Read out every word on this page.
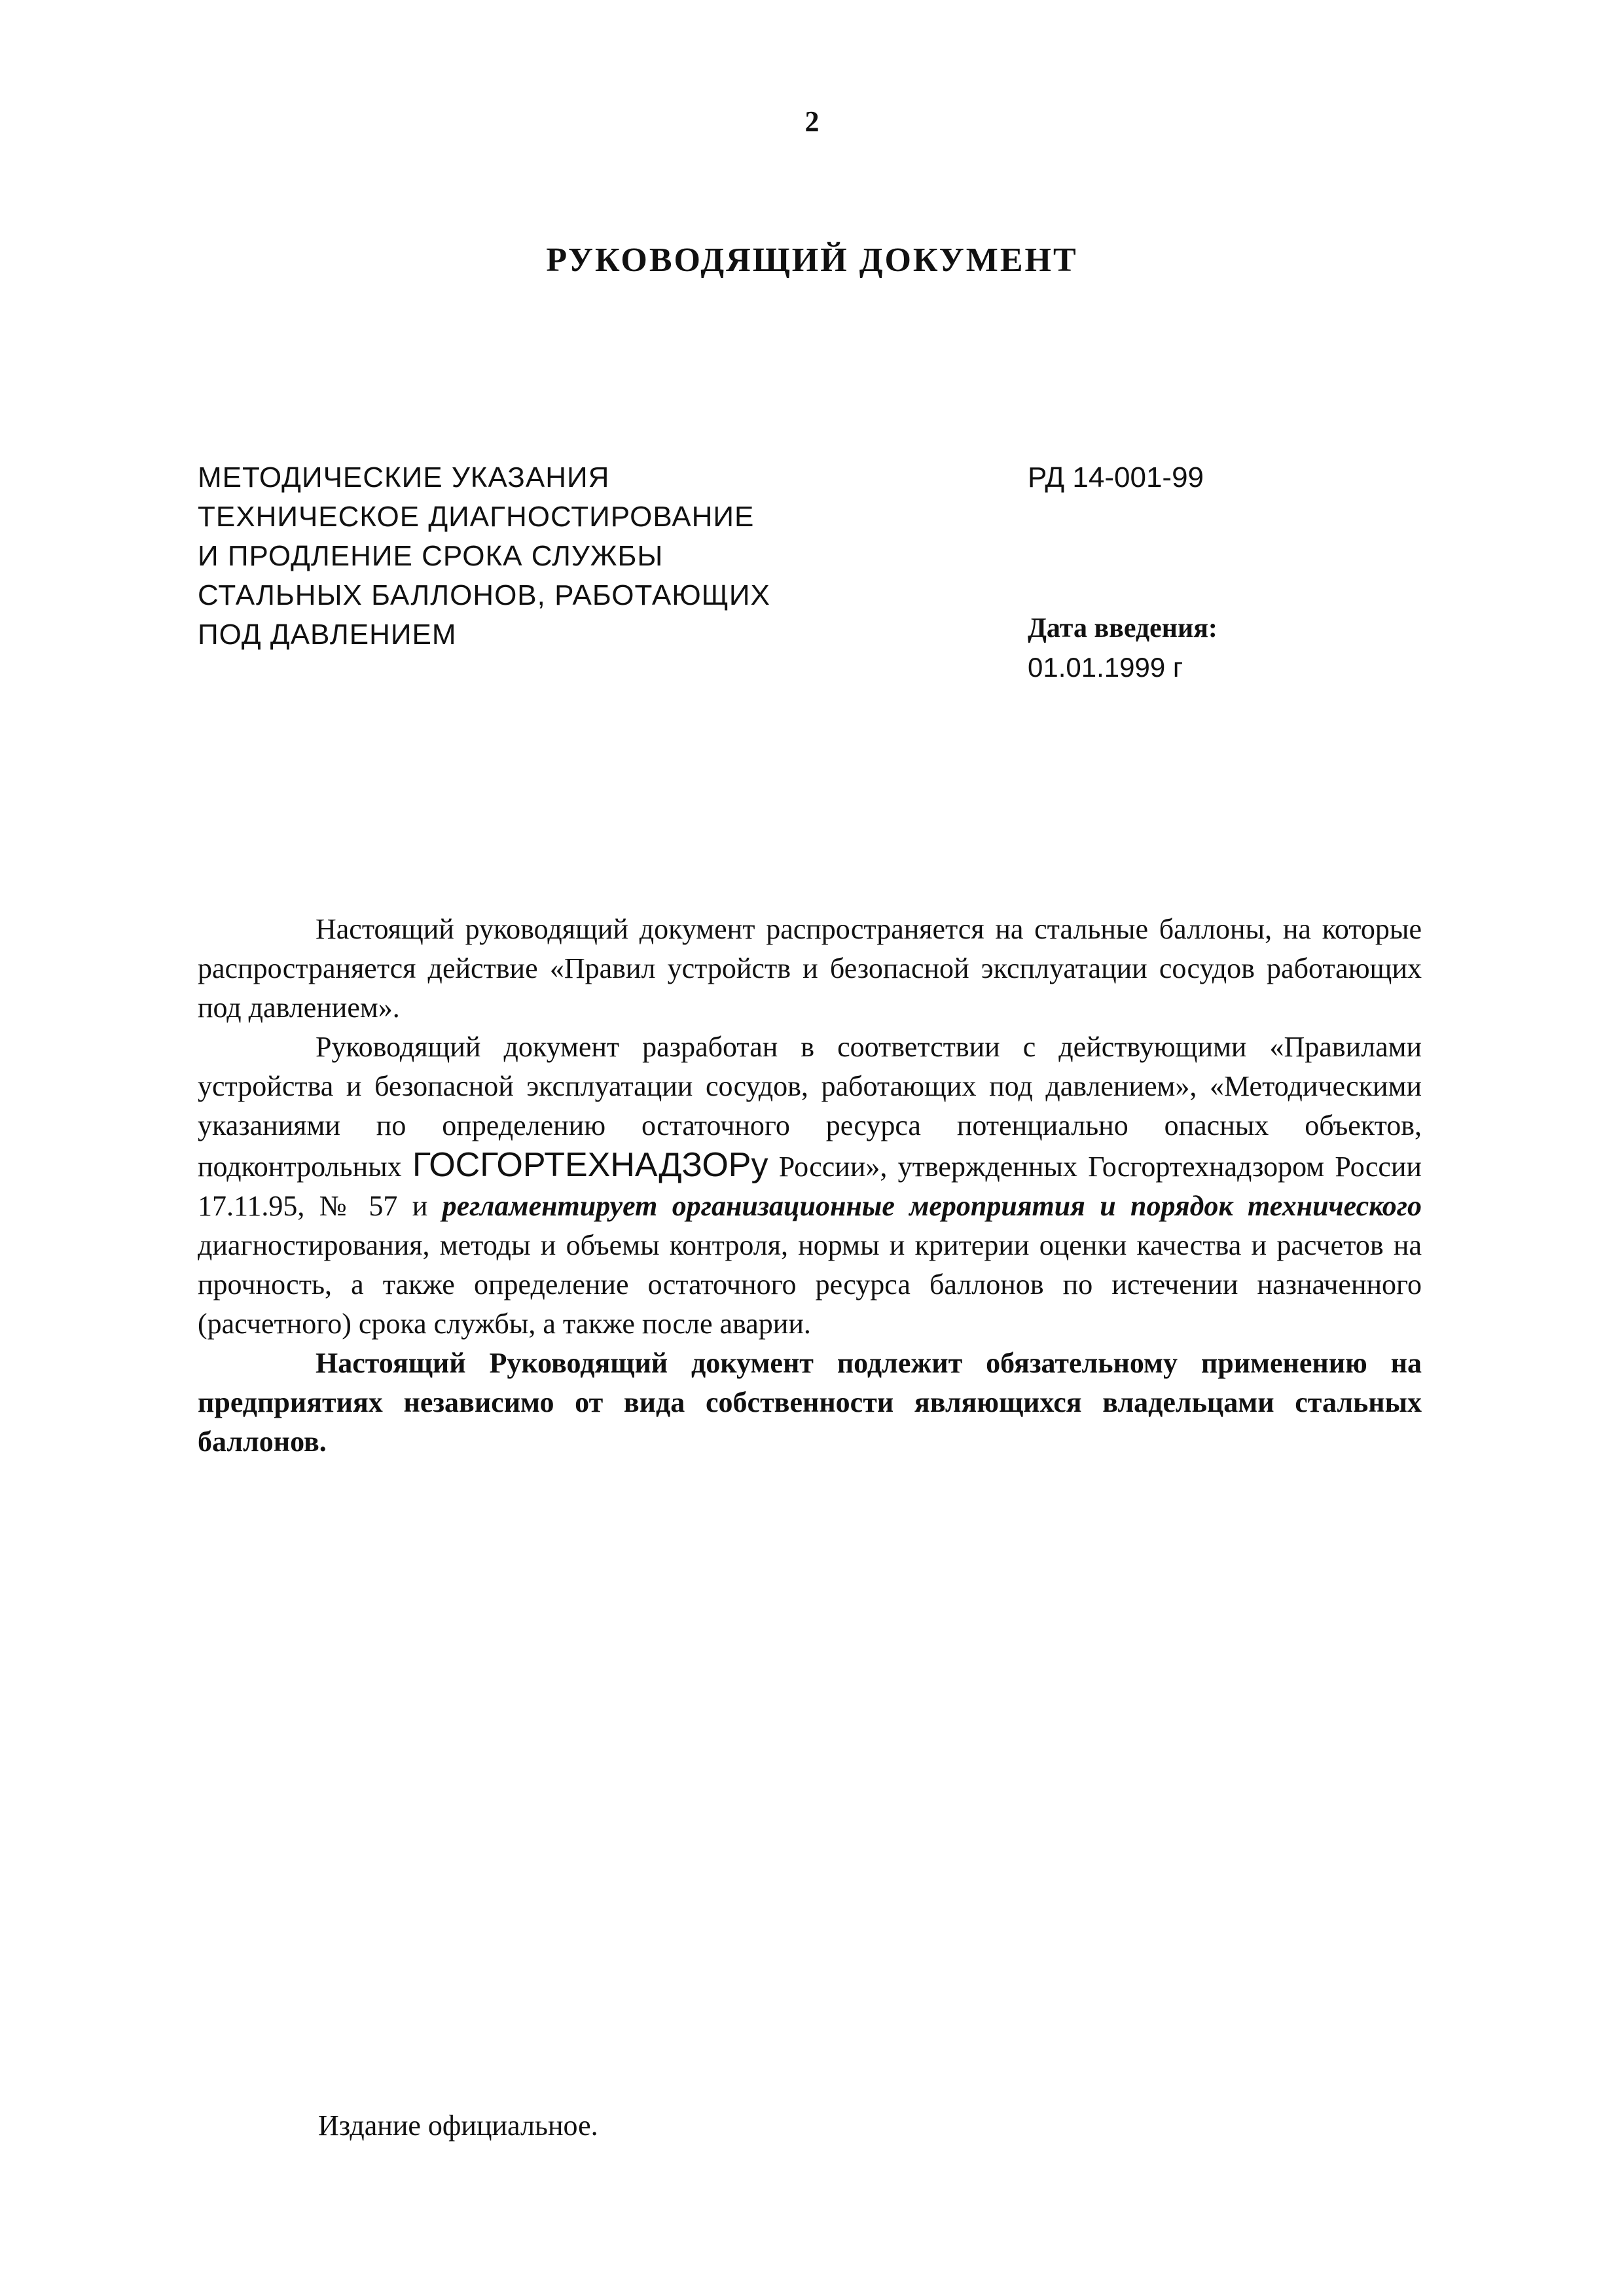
2
РУКОВОДЯЩИЙ ДОКУМЕНТ
МЕТОДИЧЕСКИЕ УКАЗАНИЯ
ТЕХНИЧЕСКОЕ ДИАГНОСТИРОВАНИЕ
И ПРОДЛЕНИЕ СРОКА СЛУЖБЫ
СТАЛЬНЫХ БАЛЛОНОВ, РАБОТАЮЩИХ
ПОД ДАВЛЕНИЕМ
РД 14-001-99
Дата введения:
01.01.1999 г

Настоящий руководящий документ распространяется на стальные баллоны, на которые распространяется действие «Правил устройств и безопасной эксплуатации сосудов работающих под давлением».

Руководящий документ разработан в соответствии с действующими «Правилами устройства и безопасной эксплуатации сосудов, работающих под давлением», «Методическими указаниями по определению остаточного ресурса потенциально опасных объектов, подконтрольных ГОСГОРТЕХНАДЗОРу России», утвержденных Госгортехнадзором России 17.11.95, № 57 и регламентирует организационные мероприятия и порядок технического диагностирования, методы и объемы контроля, нормы и критерии оценки качества и расчетов на прочность, а также определение остаточного ресурса баллонов по истечении назначенного (расчетного) срока службы, а также после аварии.

Настоящий Руководящий документ подлежит обязательному применению на предприятиях независимо от вида собственности являющихся владельцами стальных баллонов.

Издание официальное.
